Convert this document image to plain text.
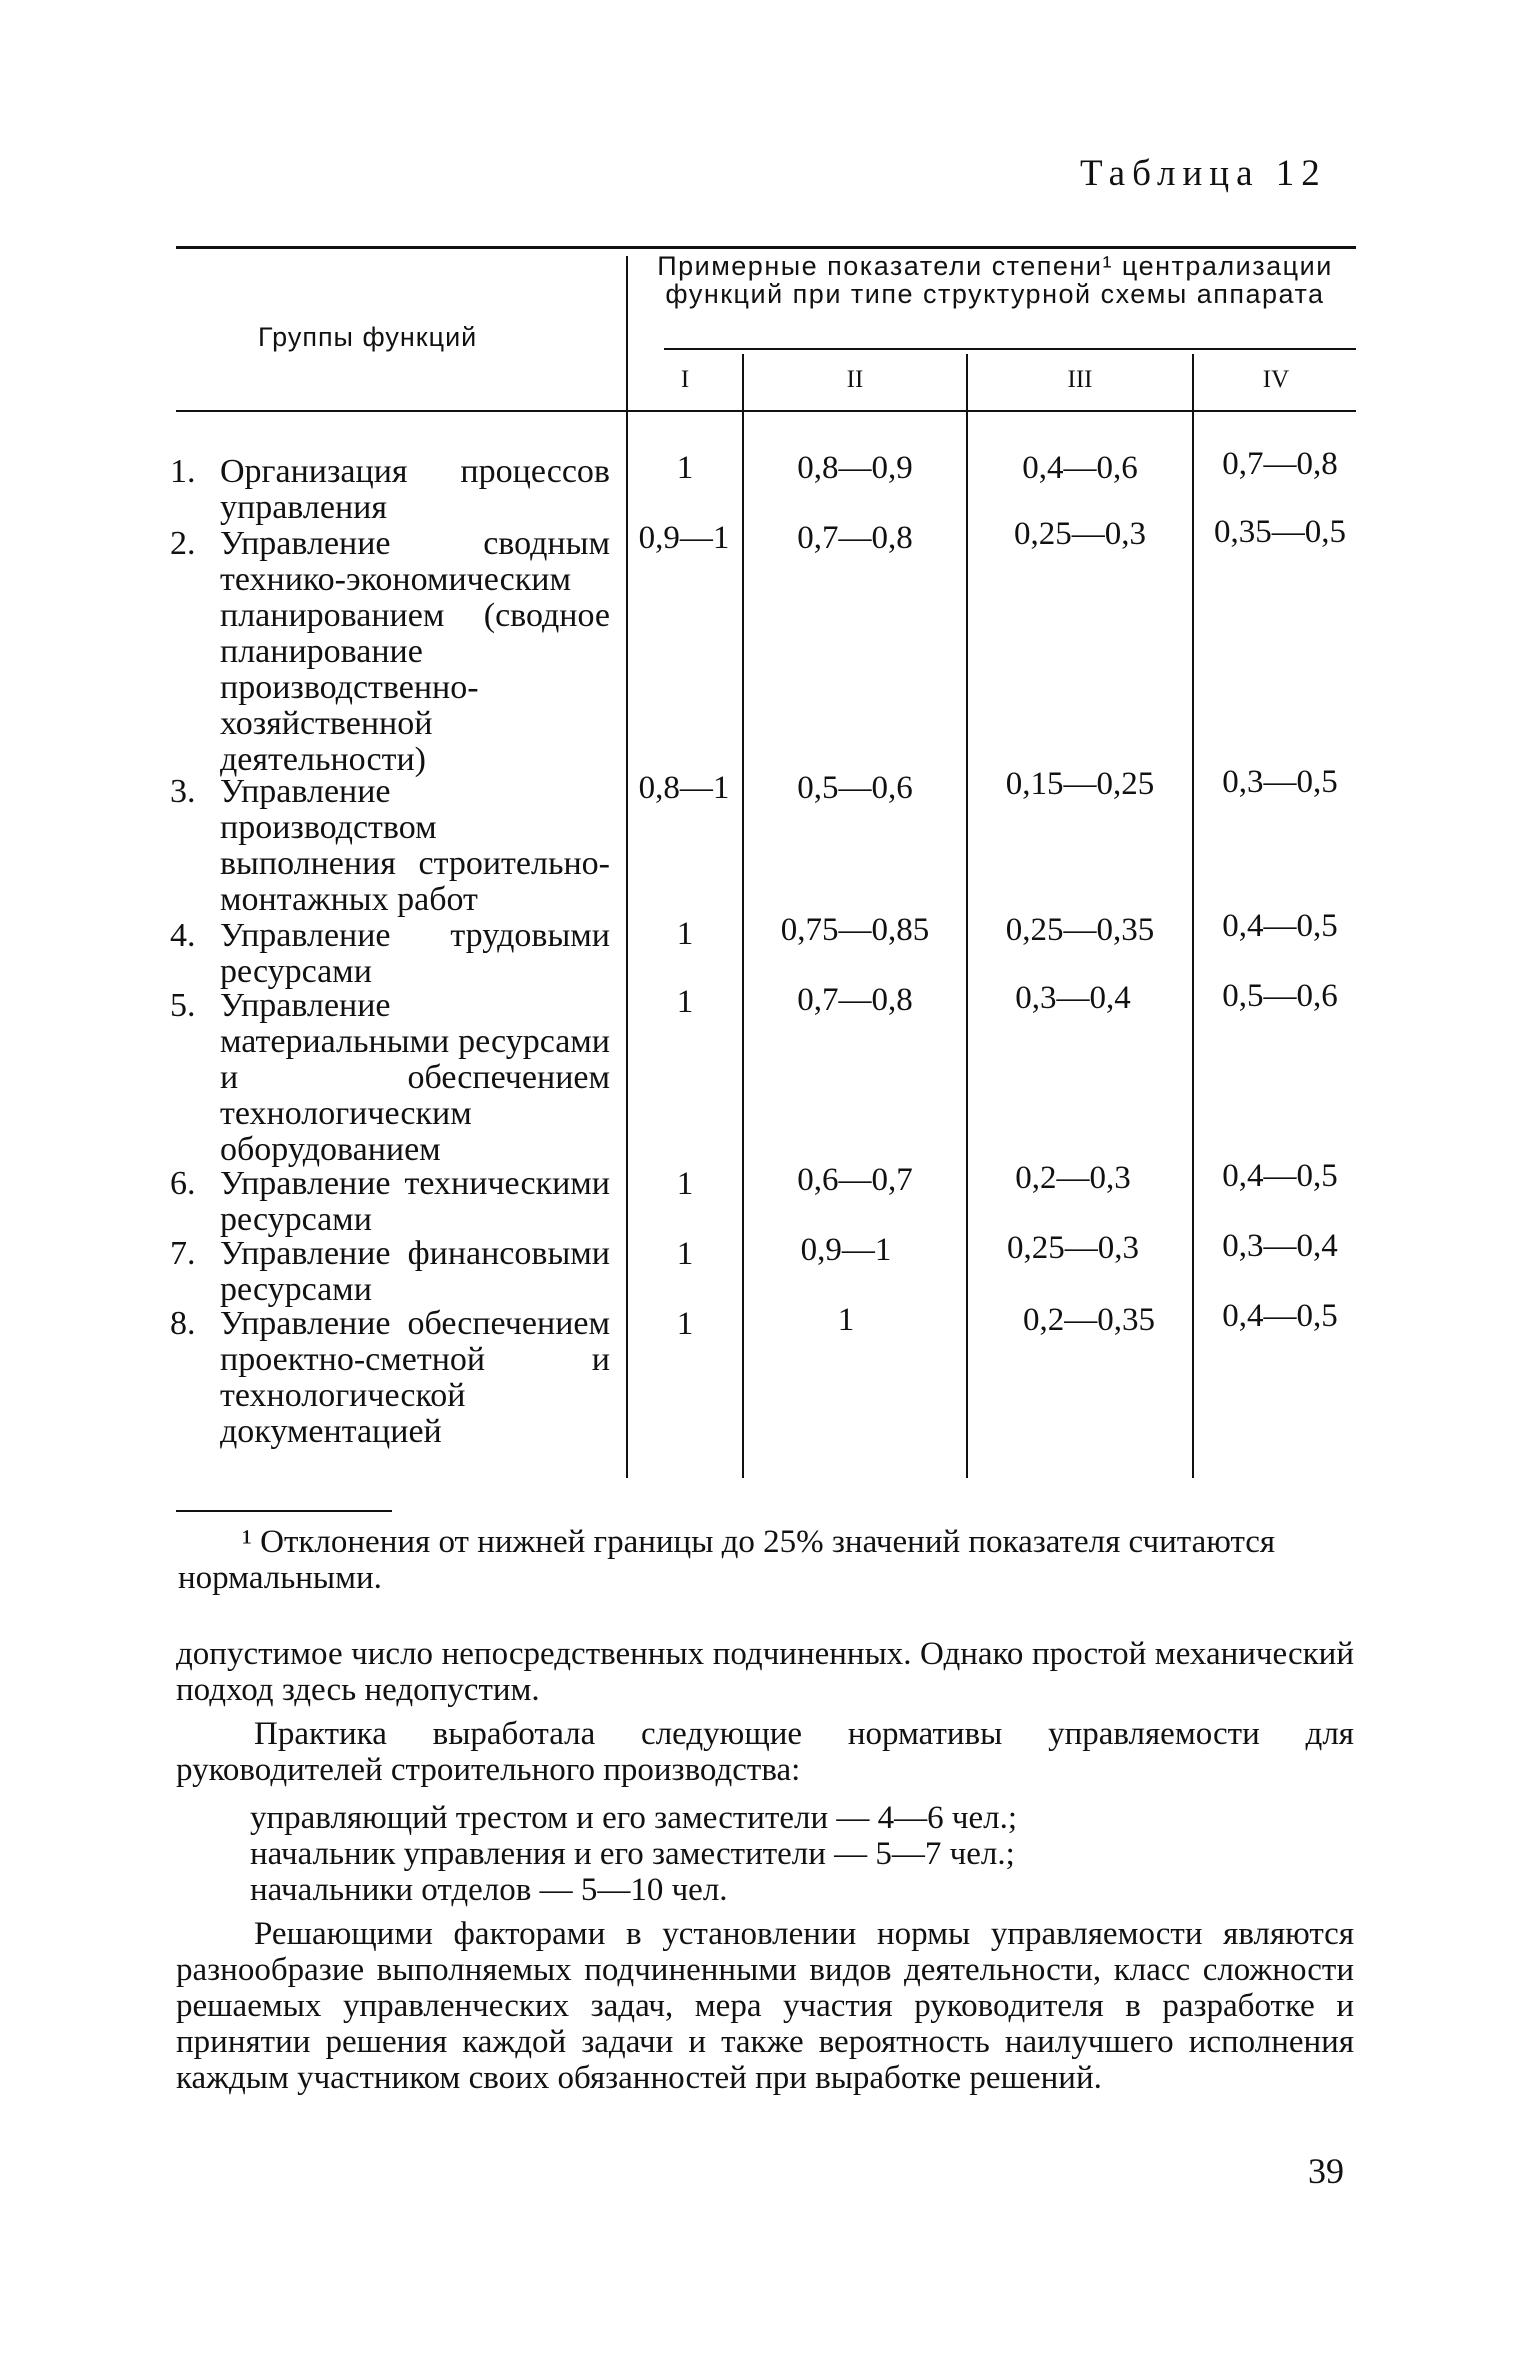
Таблица 12
Группы функций
Примерные показатели степени¹ централизации функций при типе структурной схемы аппарата
I	II	III	IV
1. Организация процессов управления
1	0,8—0,9	0,4—0,6	0,7—0,8
2. Управление сводным технико-экономическим планированием (сводное планирование производственно-хозяйственной деятельности)
0,9—1	0,7—0,8	0,25—0,3	0,35—0,5
3. Управление производством выполнения строительно-монтажных работ
0,8—1	0,5—0,6	0,15—0,25	0,3—0,5
4. Управление трудовыми ресурсами
1	0,75—0,85	0,25—0,35	0,4—0,5
5. Управление материальными ресурсами и обеспечением технологическим оборудованием
1	0,7—0,8	0,3—0,4	0,5—0,6
6. Управление техническими ресурсами
1	0,6—0,7	0,2—0,3	0,4—0,5
7. Управление финансовыми ресурсами
1	0,9—1	0,25—0,3	0,3—0,4
8. Управление обеспечением проектно-сметной и технологической документацией
1	1	0,2—0,35	0,4—0,5
¹ Отклонения от нижней границы до 25% значений показателя считаются нормальными.
допустимое число непосредственных подчиненных. Однако простой механический подход здесь недопустим.
Практика выработала следующие нормативы управляемости для руководителей строительного производства:
управляющий трестом и его заместители — 4—6 чел.;
начальник управления и его заместители — 5—7 чел.;
начальники отделов — 5—10 чел.
Решающими факторами в установлении нормы управляемости являются разнообразие выполняемых подчиненными видов деятельности, класс сложности решаемых управленческих задач, мера участия руководителя в разработке и принятии решения каждой задачи и также вероятность наилучшего исполнения каждым участником своих обязанностей при выработке решений.
39
